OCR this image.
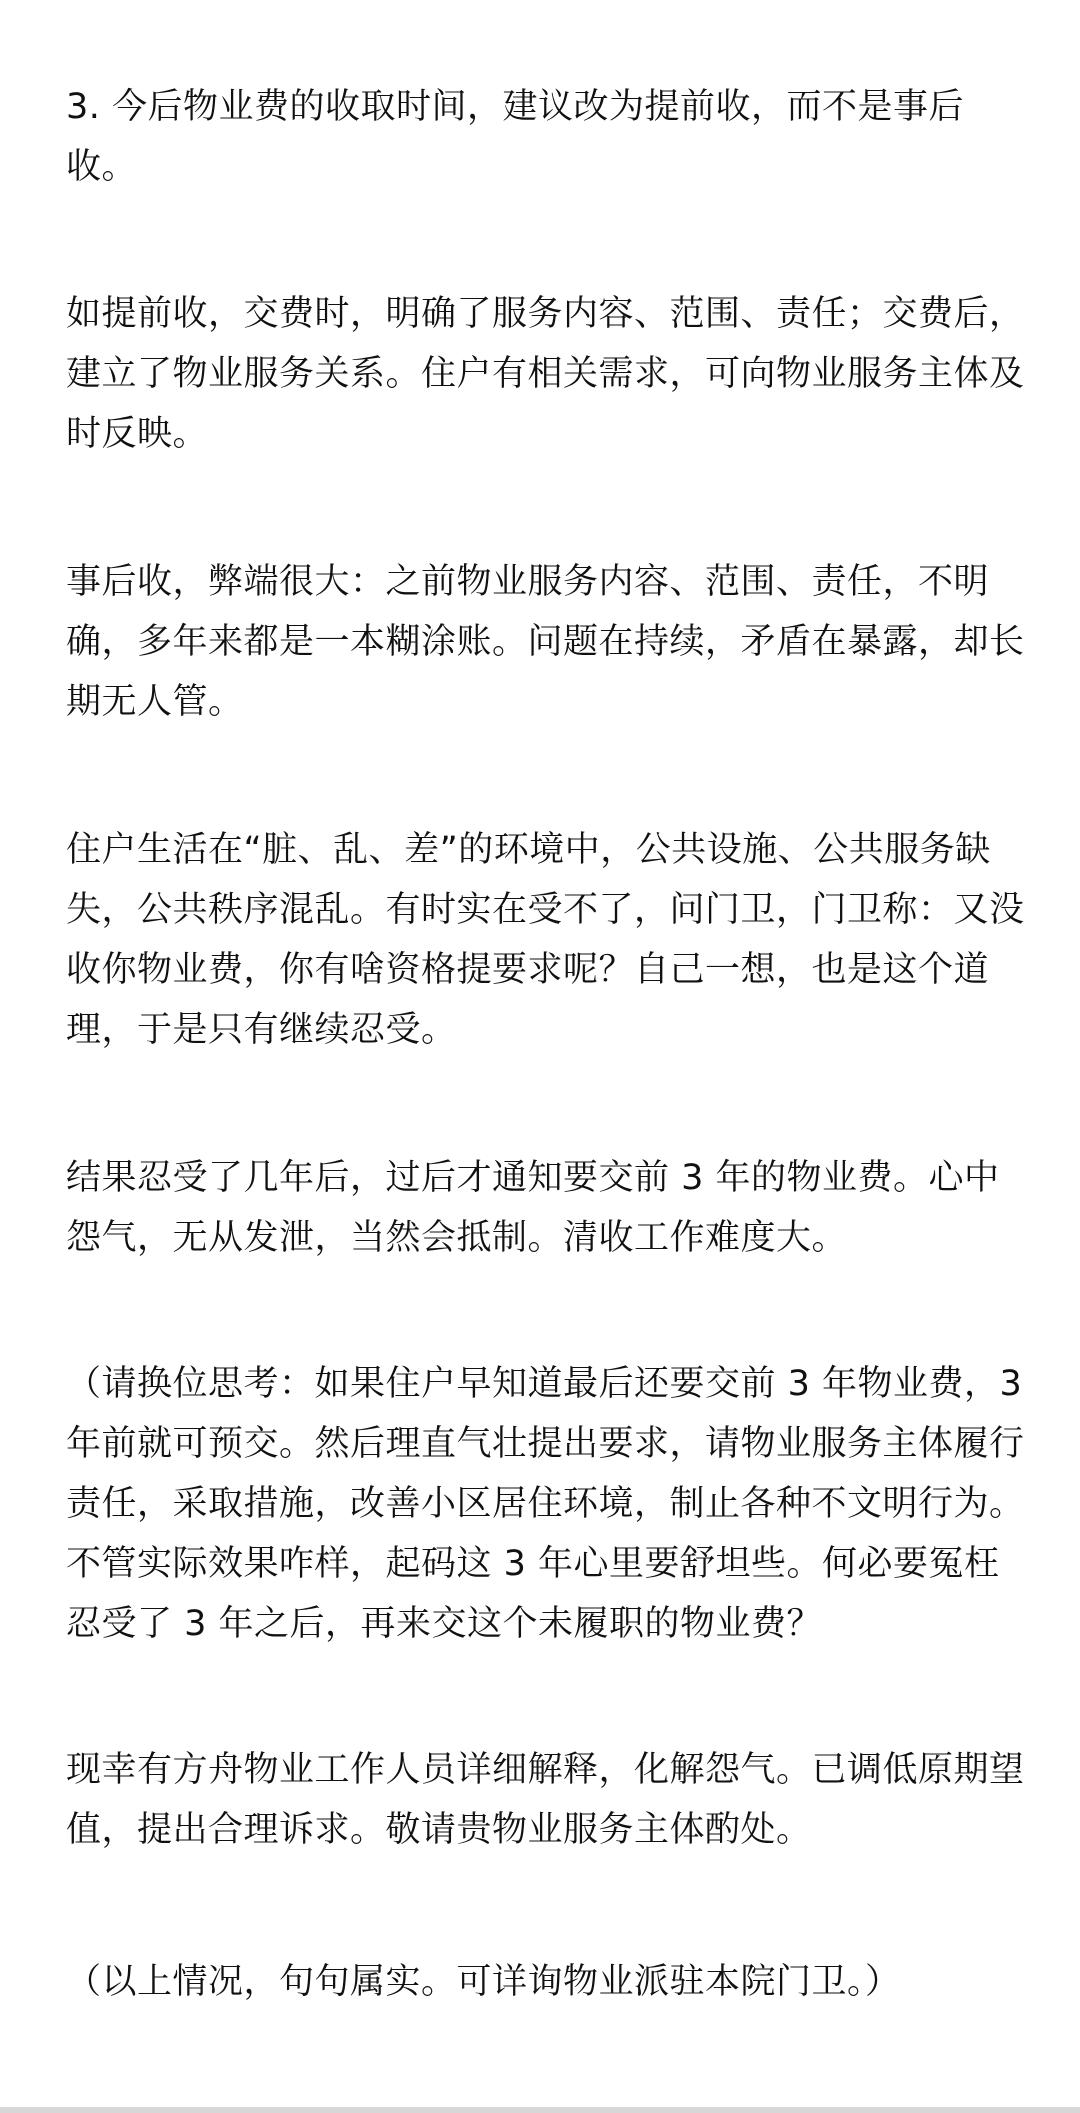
3. 今后物业费的收取时间，建议改为提前收，而不是事后收。

如提前收，交费时，明确了服务内容、范围、责任；交费后，建立了物业服务关系。住户有相关需求，可向物业服务主体及时反映。

事后收，弊端很大：之前物业服务内容、范围、责任，不明确，多年来都是一本糊涂账。问题在持续，矛盾在暴露，却长期无人管。

住户生活在“脏、乱、差”的环境中，公共设施、公共服务缺失，公共秩序混乱。有时实在受不了，问门卫，门卫称：又没收你物业费，你有啥资格提要求呢？自己一想，也是这个道理，于是只有继续忍受。

结果忍受了几年后，过后才通知要交前 3 年的物业费。心中怨气，无从发泄，当然会抵制。清收工作难度大。

（请换位思考：如果住户早知道最后还要交前 3 年物业费，3 年前就可预交。然后理直气壮提出要求，请物业服务主体履行责任，采取措施，改善小区居住环境，制止各种不文明行为。不管实际效果咋样，起码这 3 年心里要舒坦些。何必要冤枉忍受了 3 年之后，再来交这个未履职的物业费？

现幸有方舟物业工作人员详细解释，化解怨气。已调低原期望值，提出合理诉求。敬请贵物业服务主体酌处。

（以上情况，句句属实。可详询物业派驻本院门卫。）
